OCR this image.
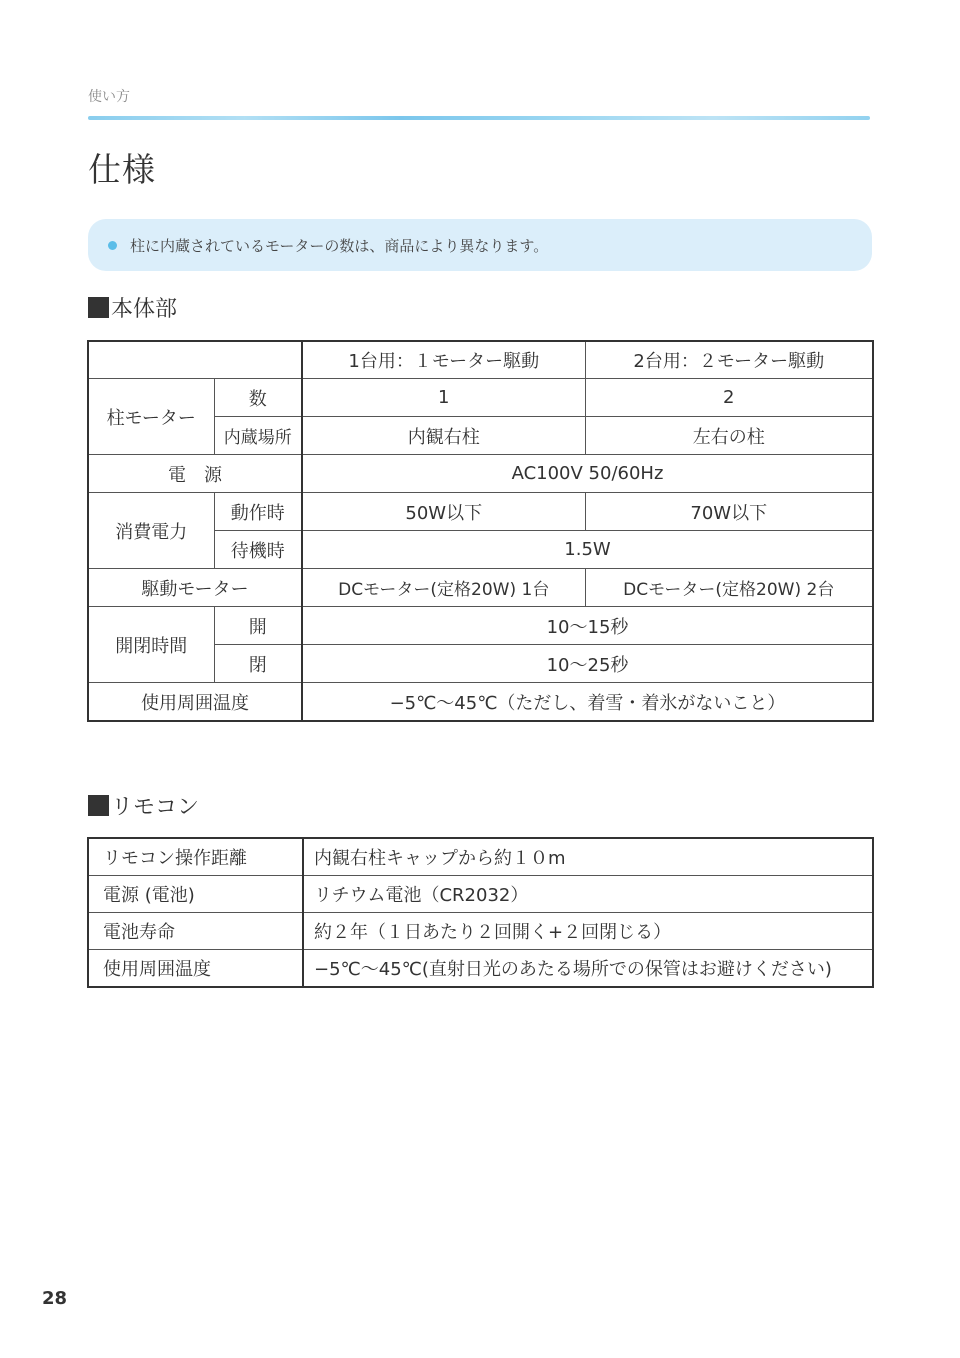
使い方
仕様
柱に内蔵されているモーターの数は、商品により異なります。
本体部
		1台用：１モーター駆動	2台用：２モーター駆動
柱モーター	数	1	2
	内蔵場所	内観右柱	左右の柱
電　源		AC100V 50/60Hz	
消費電力	動作時	50W以下	70W以下
	待機時	1.5W	
駆動モーター		DCモーター(定格20W) 1台	DCモーター(定格20W) 2台
開閉時間	開	10〜15秒	
	閉	10〜25秒	
使用周囲温度		−5℃〜45℃（ただし、着雪・着氷がないこと）	
リモコン
リモコン操作距離	内観右柱キャップから約１０m
電源 (電池)	リチウム電池（CR2032）
電池寿命	約２年（１日あたり２回開く+２回閉じる）
使用周囲温度	−5℃〜45℃(直射日光のあたる場所での保管はお避けください)
28
